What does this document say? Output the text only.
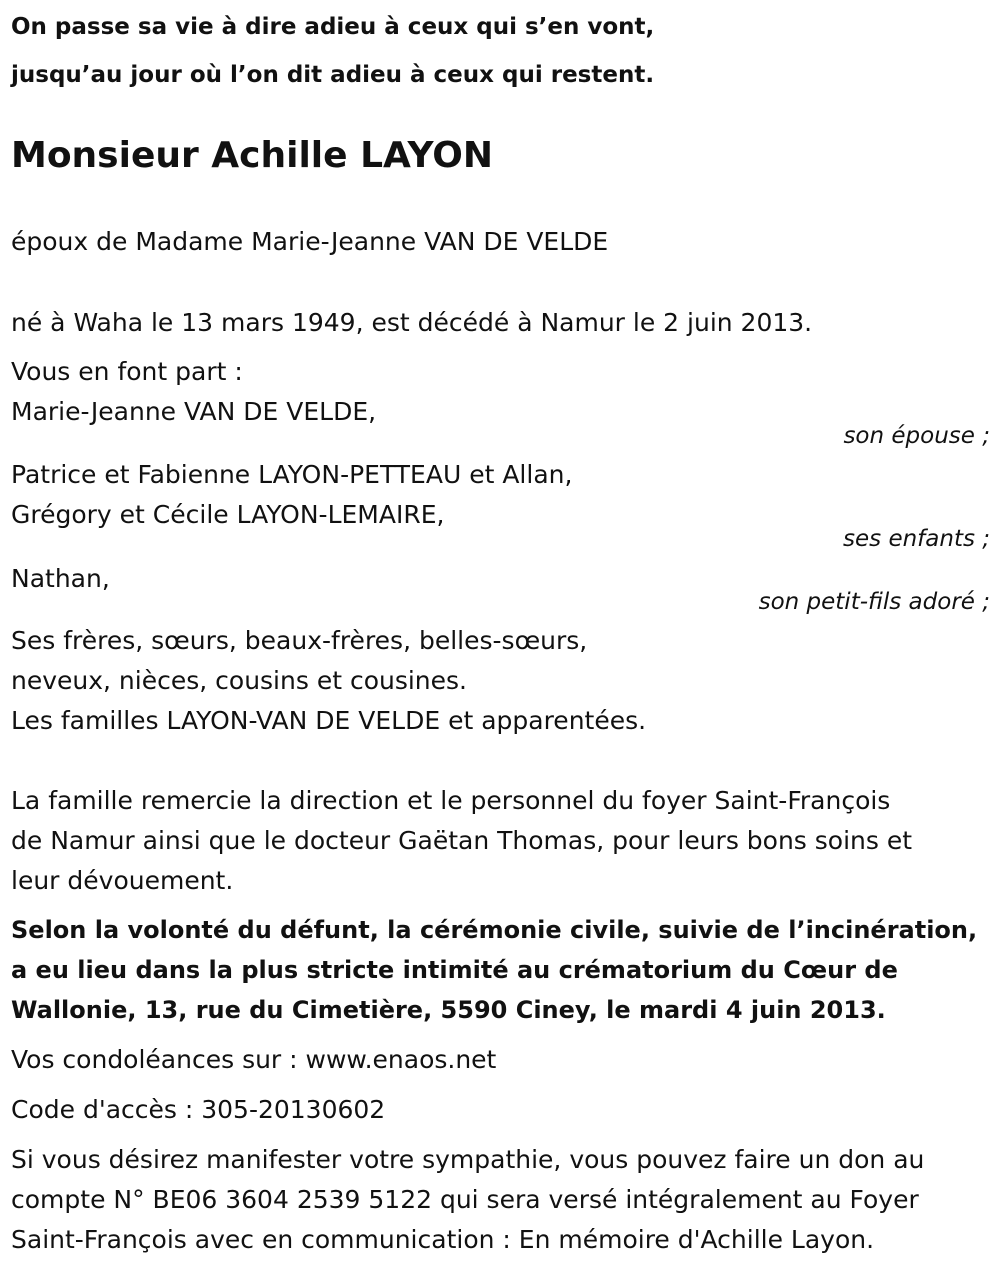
On passe sa vie à dire adieu à ceux qui s’en vont,

jusqu’au jour où l’on dit adieu à ceux qui restent.

Monsieur Achille LAYON

époux de Madame Marie-Jeanne VAN DE VELDE

né à Waha le 13 mars 1949, est décédé à Namur le 2 juin 2013.

Vous en font part :

Marie-Jeanne VAN DE VELDE,

son épouse ;

Patrice et Fabienne LAYON-PETTEAU et Allan,

Grégory et Cécile LAYON-LEMAIRE,

ses enfants ;

Nathan,

son petit-fils adoré ;

Ses frères, sœurs, beaux-frères, belles-sœurs,

neveux, nièces, cousins et cousines.

Les familles LAYON-VAN DE VELDE et apparentées.

La famille remercie la direction et le personnel du foyer Saint-François

de Namur ainsi que le docteur Gaëtan Thomas, pour leurs bons soins et

leur dévouement.

Selon la volonté du défunt, la cérémonie civile, suivie de l’incinération,

a eu lieu dans la plus stricte intimité au crématorium du Cœur de

Wallonie, 13, rue du Cimetière, 5590 Ciney, le mardi 4 juin 2013.

Vos condoléances sur : www.enaos.net

Code d'accès : 305-20130602

Si vous désirez manifester votre sympathie, vous pouvez faire un don au

compte N° BE06 3604 2539 5122 qui sera versé intégralement au Foyer

Saint-François avec en communication : En mémoire d'Achille Layon.
